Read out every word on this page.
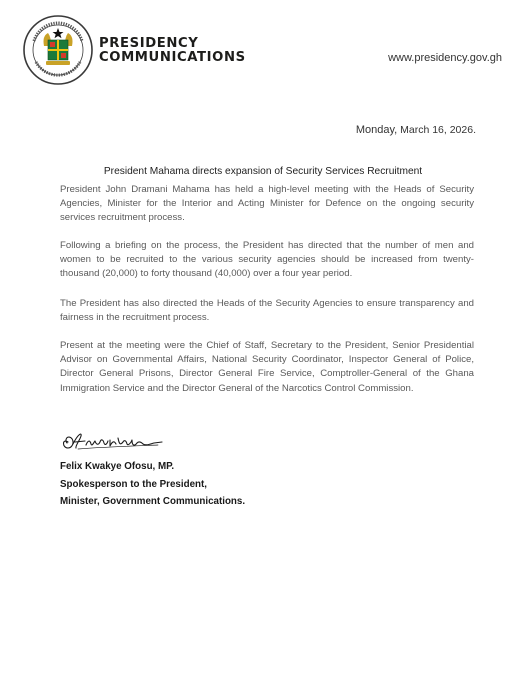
PRESIDENCY
COMMUNICATIONS	www.presidency.gov.gh
Monday, March 16, 2026.
President Mahama directs expansion of Security Services Recruitment

President John Dramani Mahama has held a high-level meeting with the Heads of Security Agencies, Minister for the Interior and Acting Minister for Defence on the ongoing security services recruitment process.

Following a briefing on the process, the President has directed that the number of men and women to be recruited to the various security agencies should be increased from twenty-thousand (20,000) to forty thousand (40,000) over a four year period.

The President has also directed the Heads of the Security Agencies to ensure transparency and fairness in the recruitment process.

Present at the meeting were the Chief of Staff, Secretary to the President, Senior Presidential Advisor on Governmental Affairs, National Security Coordinator, Inspector General of Police, Director General Prisons, Director General Fire Service, Comptroller-General of the Ghana Immigration Service and the Director General of the Narcotics Control Commission.

Felix Kwakye Ofosu, MP.
Spokesperson to the President,
Minister, Government Communications.
